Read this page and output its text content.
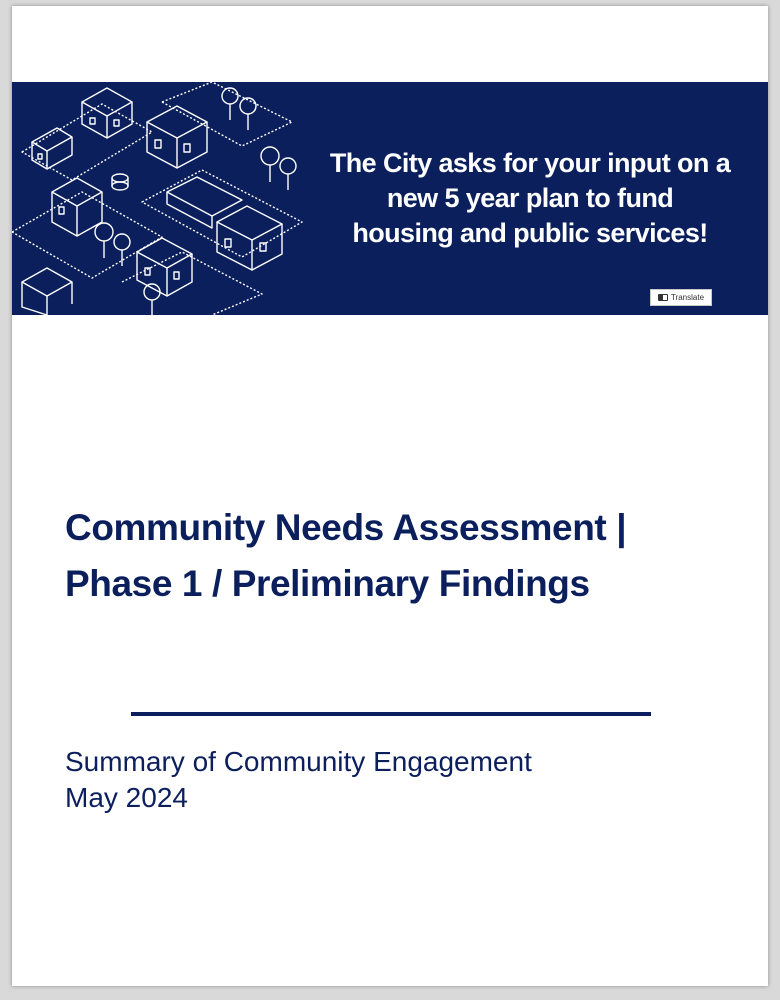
The City asks for your input on a
new 5 year plan to fund
housing and public services!
Translate
Community Needs Assessment |
Phase 1 / Preliminary Findings
Summary of Community Engagement
May 2024
